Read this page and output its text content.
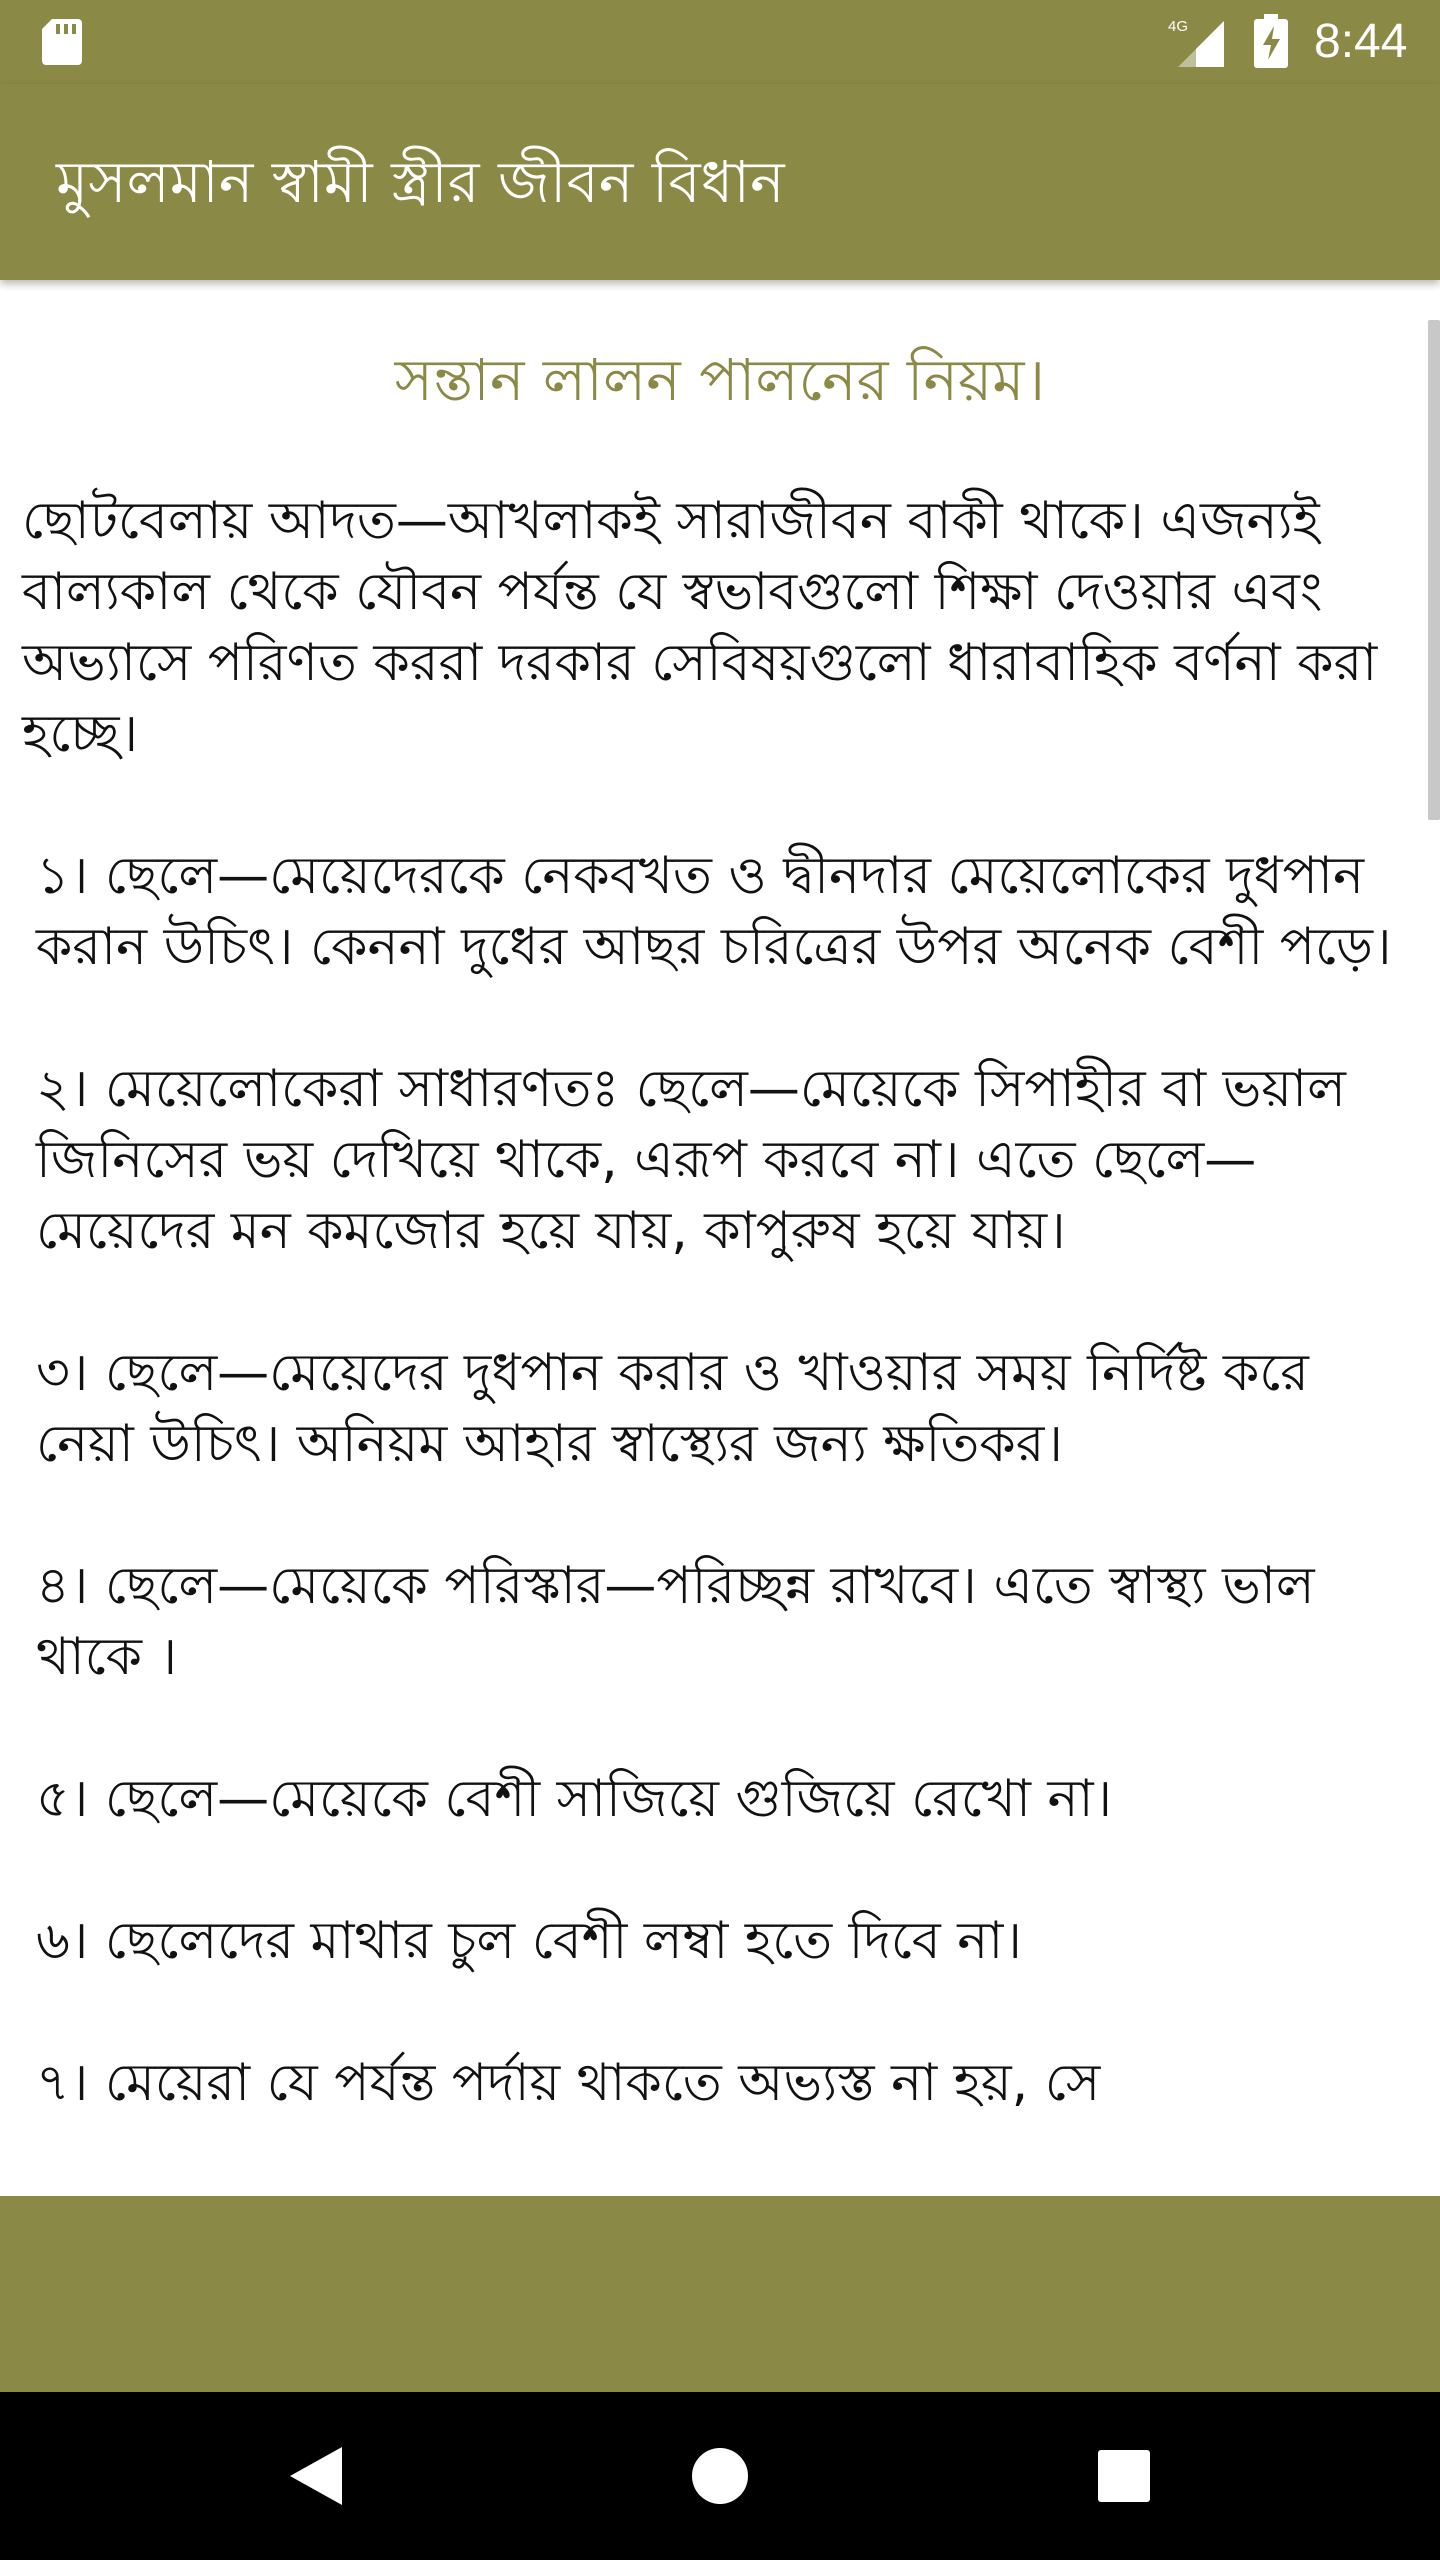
4G	8:44
মুসলমান স্বামী স্ত্রীর জীবন বিধান
সন্তান লালন পালনের নিয়ম।

ছোটবেলায় আদত—আখলাকই সারাজীবন বাকী থাকে। এজন্যই বাল্যকাল থেকে যৌবন পর্যন্ত যে স্বভাবগুলো শিক্ষা দেওয়ার এবং অভ্যাসে পরিণত কররা দরকার সেবিষয়গুলো ধারাবাহিক বর্ণনা করা হচ্ছে।

১। ছেলে—মেয়েদেরকে নেকবখত ও দ্বীনদার মেয়েলোকের দুধপান করান উচিৎ। কেননা দুধের আছর চরিত্রের উপর অনেক বেশী পড়ে।

২। মেয়েলোকেরা সাধারণতঃ ছেলে—মেয়েকে সিপাহীর বা ভয়াল জিনিসের ভয় দেখিয়ে থাকে, এরূপ করবে না। এতে ছেলে—মেয়েদের মন কমজোর হয়ে যায়, কাপুরুষ হয়ে যায়।

৩। ছেলে—মেয়েদের দুধপান করার ও খাওয়ার সময় নির্দিষ্ট করে নেয়া উচিৎ। অনিয়ম আহার স্বাস্থ্যের জন্য ক্ষতিকর।

৪। ছেলে—মেয়েকে পরিস্কার—পরিচ্ছন্ন রাখবে। এতে স্বাস্থ্য ভাল থাকে ।

৫। ছেলে—মেয়েকে বেশী সাজিয়ে গুজিয়ে রেখো না।

৬। ছেলেদের মাথার চুল বেশী লম্বা হতে দিবে না।

৭। মেয়েরা যে পর্যন্ত পর্দায় থাকতে অভ্যস্ত না হয়, সে
